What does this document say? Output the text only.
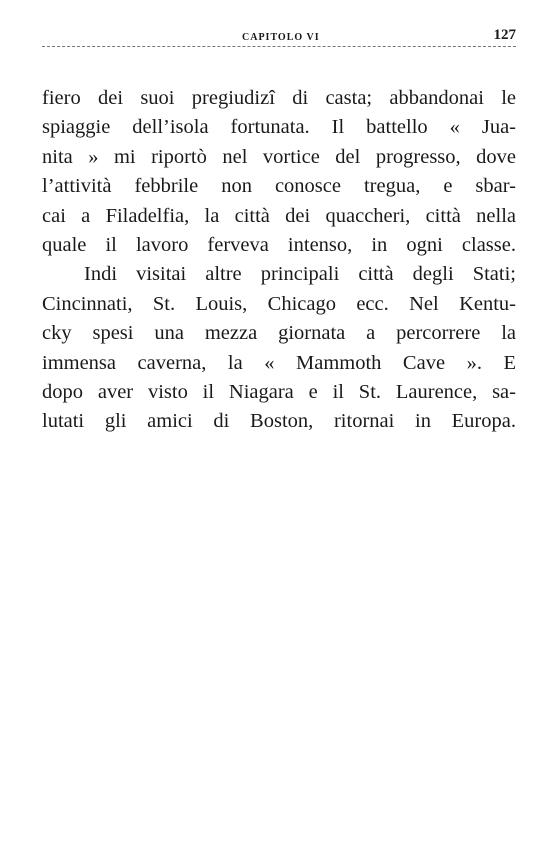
CAPITOLO VI	127
fiero dei suoi pregiudizî di casta; abbandonai le
spiaggie dell’isola fortunata. Il battello « Jua-
nita » mi riportò nel vortice del progresso, dove
l’attività febbrile non conosce tregua, e sbar-
cai a Filadelfia, la città dei quaccheri, città nella
quale il lavoro ferveva intenso, in ogni classe.
Indi visitai altre principali città degli Stati;
Cincinnati, St. Louis, Chicago ecc. Nel Kentu-
cky spesi una mezza giornata a percorrere la
immensa caverna, la « Mammoth Cave ». E
dopo aver visto il Niagara e il St. Laurence, sa-
lutati gli amici di Boston, ritornai in Europa.
